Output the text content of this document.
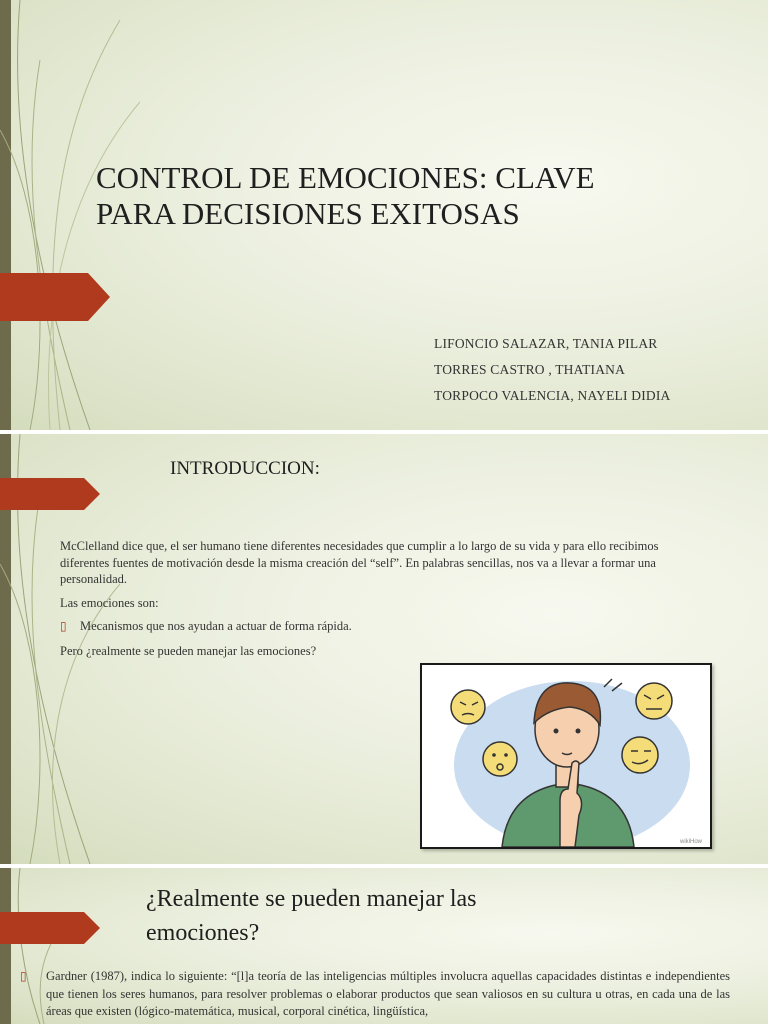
CONTROL DE EMOCIONES: CLAVE PARA DECISIONES EXITOSAS
LIFONCIO SALAZAR, TANIA PILAR
TORRES CASTRO , THATIANA
TORPOCO VALENCIA, NAYELI DIDIA
INTRODUCCION:

McClelland dice que, el ser humano tiene diferentes necesidades que cumplir a lo largo de su vida y para ello recibimos diferentes fuentes de motivación desde la misma creación del “self”. En palabras sencillas, nos va a llevar a formar una personalidad.

Las emociones son:

▯	Mecanismos que nos ayudan a actuar de forma rápida.

Pero ¿realmente se pueden manejar las emociones?

wikiHow
¿Realmente se pueden manejar las emociones?
▯	Gardner (1987), indica lo siguiente: “[l]a teoría de las inteligencias múltiples involucra aquellas capacidades distintas e independientes que tienen los seres humanos, para resolver problemas o elaborar productos que sean valiosos en su cultura u otras, en cada una de las áreas que existen (lógico-matemática, musical, corporal cinética, lingüística,
